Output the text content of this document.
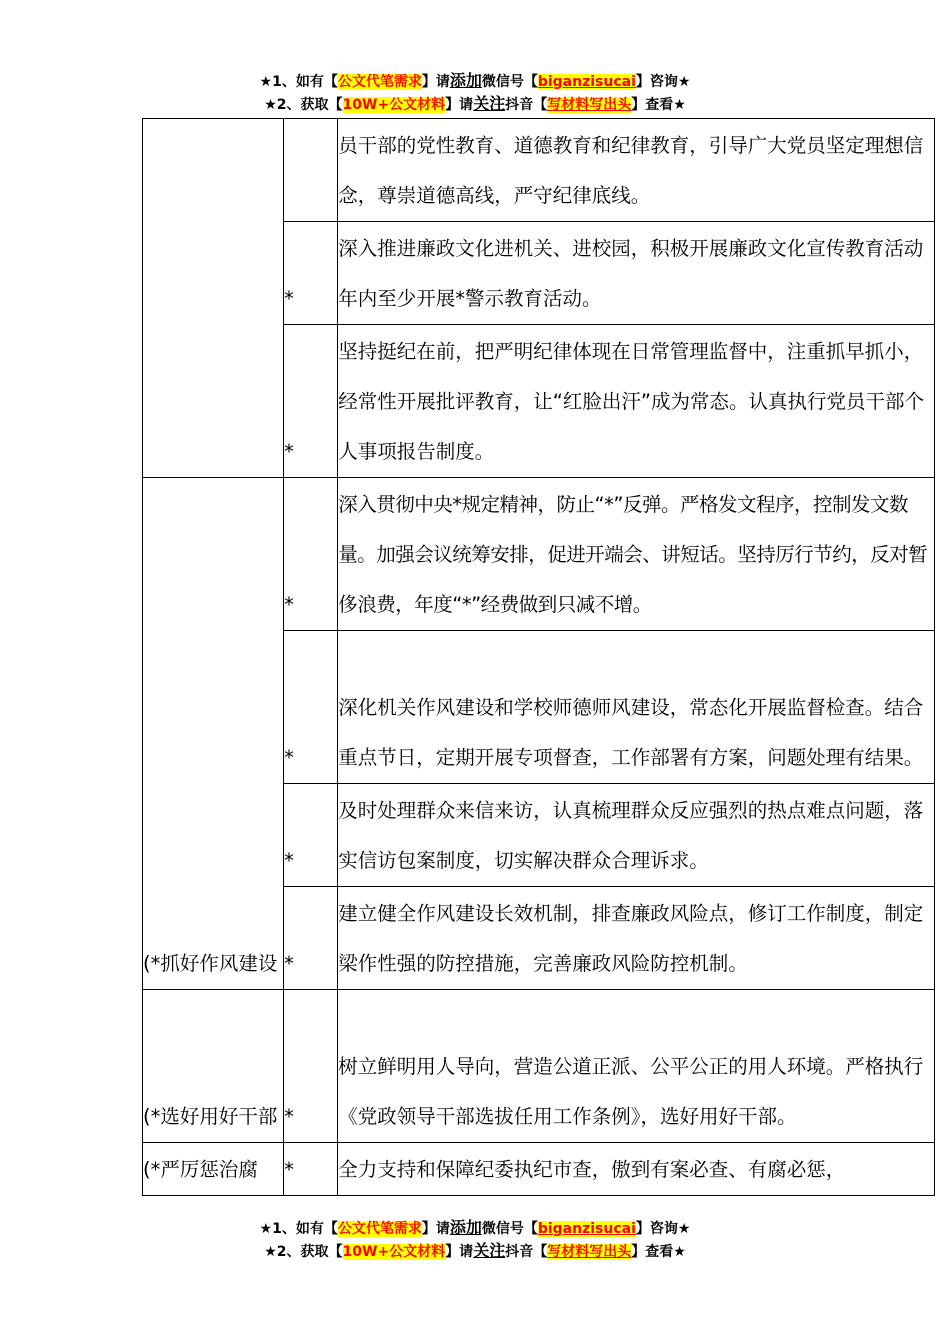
★1、如有【公文代笔需求】请添加微信号【biganzisucai】咨询★
★2、获取【10W+公文材料】请关注抖音【写材料写出头】查看★
		员干部的党性教育、道德教育和纪律教育，引导广大党员坚定理想信念，尊崇道德高线，严守纪律底线。
	*	深入推进廉政文化进机关、进校园，积极开展廉政文化宣传教育活动年内至少开展*警示教育活动。
	*	坚持挺纪在前，把严明纪律体现在日常管理监督中，注重抓早抓小，经常性开展批评教育，让“红脸出汗”成为常态。认真执行党员干部个人事项报告制度。
(*抓好作风建设	*	深入贯彻中央*规定精神，防止“*”反弹。严格发文程序，控制发文数量。加强会议统筹安排，促进开端会、讲短话。坚持厉行节约，反对暂侈浪费，年度“*”经费做到只减不增。
	*	深化机关作风建设和学校师德师风建设，常态化开展监督检查。结合重点节日，定期开展专项督查，工作部署有方案，问题处理有结果。
	*	及时处理群众来信来访，认真梳理群众反应强烈的热点难点问题，落实信访包案制度，切实解决群众合理诉求。
	*	建立健全作风建设长效机制，排查廉政风险点，修订工作制度，制定梁作性强的防控措施，完善廉政风险防控机制。
(*选好用好干部	*	树立鲜明用人导向，营造公道正派、公平公正的用人环境。严格执行《党政领导干部选拔任用工作条例》，选好用好干部。
(*严厉惩治腐	*	全力支持和保障纪委执纪市查，傲到有案必查、有腐必惩，
★1、如有【公文代笔需求】请添加微信号【biganzisucai】咨询★
★2、获取【10W+公文材料】请关注抖音【写材料写出头】查看★
